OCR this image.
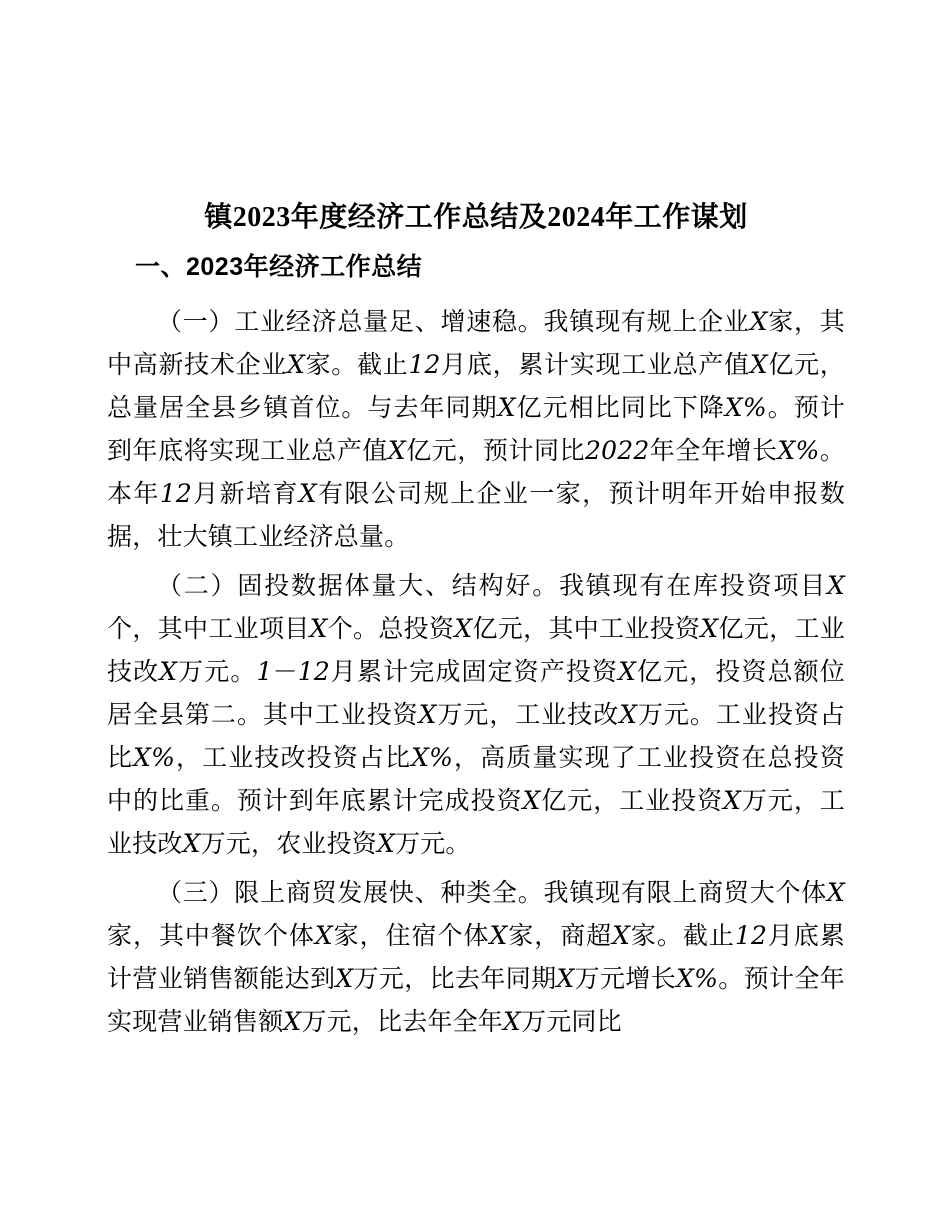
镇2023年度经济工作总结及2024年工作谋划
一、2023年经济工作总结

（一）工业经济总量足、增速稳。我镇现有规上企业X家，其中高新技术企业X家。截止12月底，累计实现工业总产值X亿元，总量居全县乡镇首位。与去年同期X亿元相比同比下降X%。预计到年底将实现工业总产值X亿元，预计同比2022年全年增长X%。本年12月新培育X有限公司规上企业一家，预计明年开始申报数据，壮大镇工业经济总量。

（二）固投数据体量大、结构好。我镇现有在库投资项目X个，其中工业项目X个。总投资X亿元，其中工业投资X亿元，工业技改X万元。1－12月累计完成固定资产投资X亿元，投资总额位居全县第二。其中工业投资X万元，工业技改X万元。工业投资占比X%，工业技改投资占比X%，高质量实现了工业投资在总投资中的比重。预计到年底累计完成投资X亿元，工业投资X万元，工业技改X万元，农业投资X万元。

（三）限上商贸发展快、种类全。我镇现有限上商贸大个体X家，其中餐饮个体X家，住宿个体X家，商超X家。截止12月底累计营业销售额能达到X万元，比去年同期X万元增长X%。预计全年实现营业销售额X万元，比去年全年X万元同比
